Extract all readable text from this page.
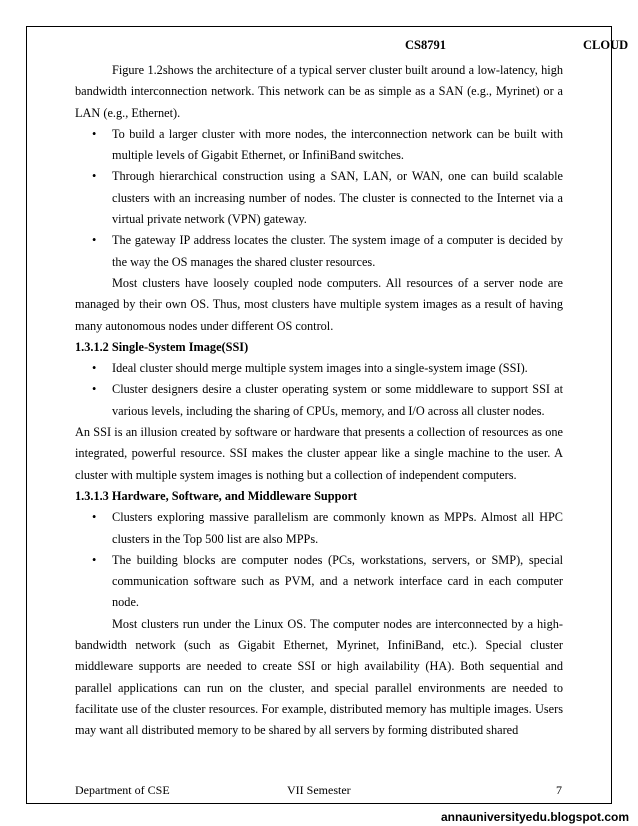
CS8791	CLOUD

Figure 1.2shows the architecture of a typical server cluster built around a low-latency, high bandwidth interconnection network. This network can be as simple as a SAN (e.g., Myrinet) or a LAN (e.g., Ethernet).

• To build a larger cluster with more nodes, the interconnection network can be built with multiple levels of Gigabit Ethernet, or InfiniBand switches.
• Through hierarchical construction using a SAN, LAN, or WAN, one can build scalable clusters with an increasing number of nodes. The cluster is connected to the Internet via a virtual private network (VPN) gateway.
• The gateway IP address locates the cluster. The system image of a computer is decided by the way the OS manages the shared cluster resources.

Most clusters have loosely coupled node computers. All resources of a server node are managed by their own OS. Thus, most clusters have multiple system images as a result of having many autonomous nodes under different OS control.

1.3.1.2 Single-System Image(SSI)
• Ideal cluster should merge multiple system images into a single-system image (SSI).
• Cluster designers desire a cluster operating system or some middleware to support SSI at various levels, including the sharing of CPUs, memory, and I/O across all cluster nodes.

An SSI is an illusion created by software or hardware that presents a collection of resources as one integrated, powerful resource. SSI makes the cluster appear like a single machine to the user. A cluster with multiple system images is nothing but a collection of independent computers.

1.3.1.3 Hardware, Software, and Middleware Support
• Clusters exploring massive parallelism are commonly known as MPPs. Almost all HPC clusters in the Top 500 list are also MPPs.
• The building blocks are computer nodes (PCs, workstations, servers, or SMP), special communication software such as PVM, and a network interface card in each computer node.

Most clusters run under the Linux OS. The computer nodes are interconnected by a high-bandwidth network (such as Gigabit Ethernet, Myrinet, InfiniBand, etc.). Special cluster middleware supports are needed to create SSI or high availability (HA). Both sequential and parallel applications can run on the cluster, and special parallel environments are needed to facilitate use of the cluster resources. For example, distributed memory has multiple images. Users may want all distributed memory to be shared by all servers by forming distributed shared

Department of CSE	VII Semester	7
annauniversityedu.blogspot.com
